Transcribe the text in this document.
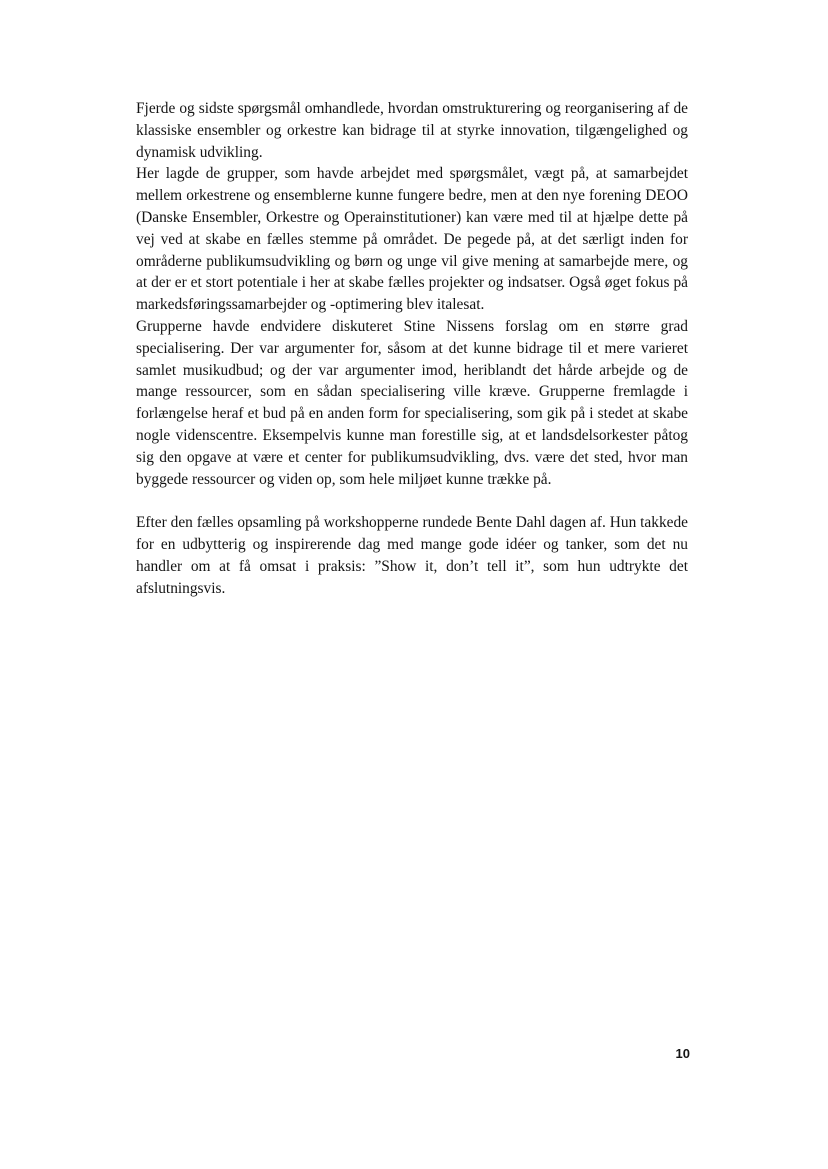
Fjerde og sidste spørgsmål omhandlede, hvordan omstrukturering og reorganisering af de klassiske ensembler og orkestre kan bidrage til at styrke innovation, tilgængelighed og dynamisk udvikling.

Her lagde de grupper, som havde arbejdet med spørgsmålet, vægt på, at samarbejdet mellem orkestrene og ensemblerne kunne fungere bedre, men at den nye forening DEOO (Danske Ensembler, Orkestre og Operainstitutioner) kan være med til at hjælpe dette på vej ved at skabe en fælles stemme på området. De pegede på, at det særligt inden for områderne publikumsudvikling og børn og unge vil give mening at samarbejde mere, og at der er et stort potentiale i her at skabe fælles projekter og indsatser. Også øget fokus på markedsføringssamarbejder og -optimering blev italesat.

Grupperne havde endvidere diskuteret Stine Nissens forslag om en større grad specialisering. Der var argumenter for, såsom at det kunne bidrage til et mere varieret samlet musikudbud; og der var argumenter imod, heriblandt det hårde arbejde og de mange ressourcer, som en sådan specialisering ville kræve. Grupperne fremlagde i forlængelse heraf et bud på en anden form for specialisering, som gik på i stedet at skabe nogle videnscentre. Eksempelvis kunne man forestille sig, at et landsdelsorkester påtog sig den opgave at være et center for publikumsudvikling, dvs. være det sted, hvor man byggede ressourcer og viden op, som hele miljøet kunne trække på.

Efter den fælles opsamling på workshopperne rundede Bente Dahl dagen af. Hun takkede for en udbytterig og inspirerende dag med mange gode idéer og tanker, som det nu handler om at få omsat i praksis: ”Show it, don’t tell it”, som hun udtrykte det afslutningsvis.

10
